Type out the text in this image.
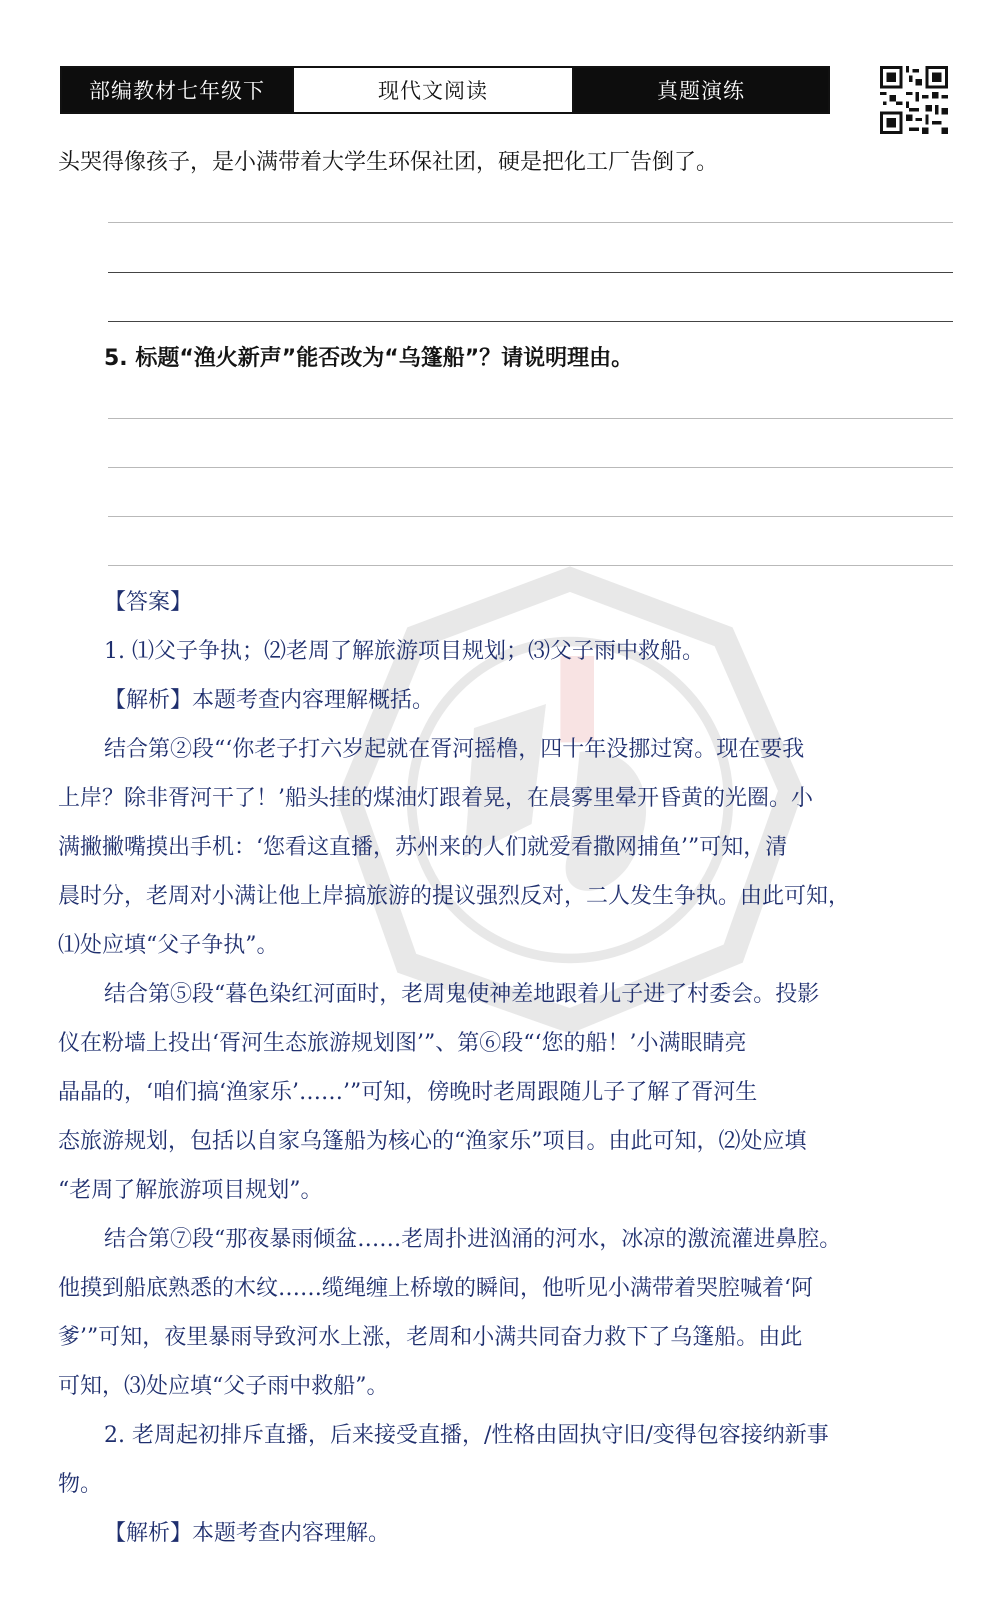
部编教材七年级下	现代文阅读	真题演练
头哭得像孩子，是小满带着大学生环保社团，硬是把化工厂告倒了。
5. 标题“渔火新声”能否改为“乌篷船”？请说明理由。
【答案】
1. ⑴父子争执；⑵老周了解旅游项目规划；⑶父子雨中救船。
【解析】本题考查内容理解概括。
结合第②段“‘你老子打六岁起就在胥河摇橹，四十年没挪过窝。现在要我
上岸？除非胥河干了！’船头挂的煤油灯跟着晃，在晨雾里晕开昏黄的光圈。小
满撇撇嘴摸出手机：‘您看这直播，苏州来的人们就爱看撒网捕鱼’”可知，清
晨时分，老周对小满让他上岸搞旅游的提议强烈反对，二人发生争执。由此可知，
⑴处应填“父子争执”。
结合第⑤段“暮色染红河面时，老周鬼使神差地跟着儿子进了村委会。投影
仪在粉墙上投出‘胥河生态旅游规划图’”、第⑥段“‘您的船！’小满眼睛亮
晶晶的，‘咱们搞‘渔家乐’……’”可知，傍晚时老周跟随儿子了解了胥河生
态旅游规划，包括以自家乌篷船为核心的“渔家乐”项目。由此可知，⑵处应填
“老周了解旅游项目规划”。
结合第⑦段“那夜暴雨倾盆……老周扑进汹涌的河水，冰凉的激流灌进鼻腔。
他摸到船底熟悉的木纹……缆绳缠上桥墩的瞬间，他听见小满带着哭腔喊着‘阿
爹’”可知，夜里暴雨导致河水上涨，老周和小满共同奋力救下了乌篷船。由此
可知，⑶处应填“父子雨中救船”。
2. 老周起初排斥直播，后来接受直播，/性格由固执守旧/变得包容接纳新事
物。
【解析】本题考查内容理解。
